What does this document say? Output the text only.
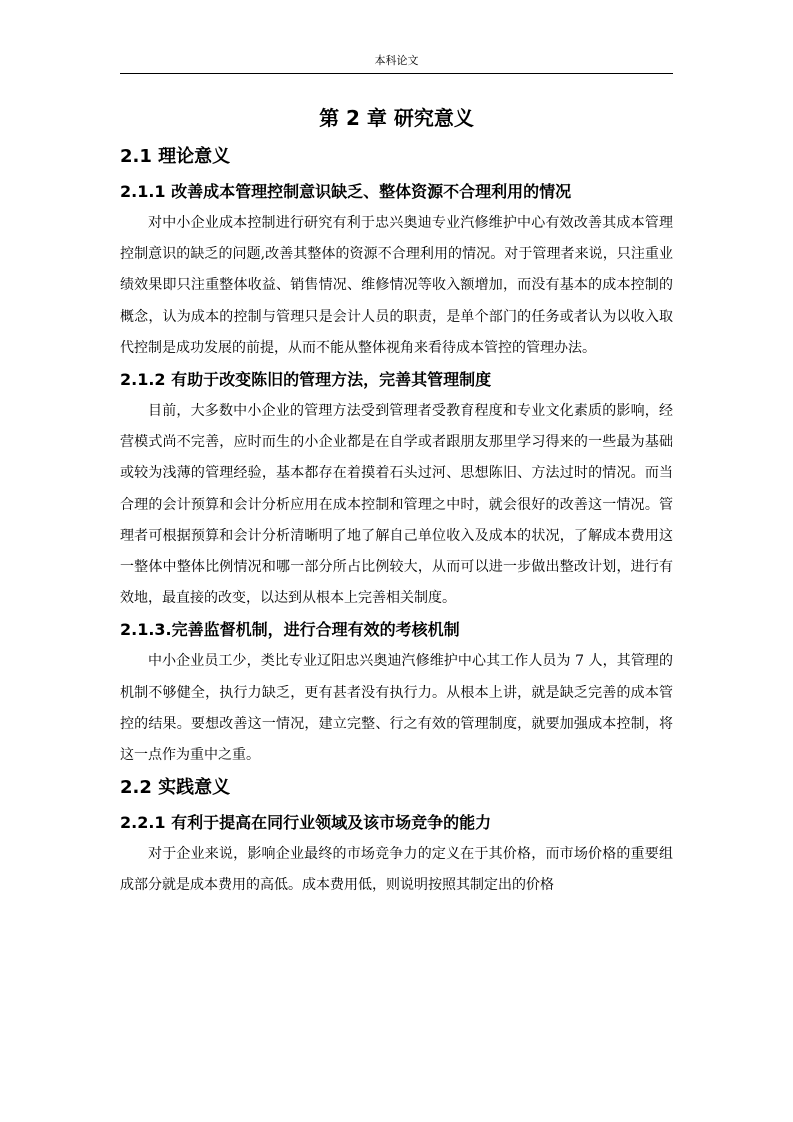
本科论文
第 2 章 研究意义
2.1 理论意义
2.1.1 改善成本管理控制意识缺乏、整体资源不合理利用的情况

对中小企业成本控制进行研究有利于忠兴奥迪专业汽修维护中心有效改善其成本管理控制意识的缺乏的问题,改善其整体的资源不合理利用的情况。对于管理者来说，只注重业绩效果即只注重整体收益、销售情况、维修情况等收入额增加，而没有基本的成本控制的概念，认为成本的控制与管理只是会计人员的职责，是单个部门的任务或者认为以收入取代控制是成功发展的前提，从而不能从整体视角来看待成本管控的管理办法。

2.1.2 有助于改变陈旧的管理方法，完善其管理制度

目前，大多数中小企业的管理方法受到管理者受教育程度和专业文化素质的影响，经营模式尚不完善，应时而生的小企业都是在自学或者跟朋友那里学习得来的一些最为基础或较为浅薄的管理经验，基本都存在着摸着石头过河、思想陈旧、方法过时的情况。而当合理的会计预算和会计分析应用在成本控制和管理之中时，就会很好的改善这一情况。管理者可根据预算和会计分析清晰明了地了解自己单位收入及成本的状况，了解成本费用这一整体中整体比例情况和哪一部分所占比例较大，从而可以进一步做出整改计划，进行有效地，最直接的改变，以达到从根本上完善相关制度。

2.1.3.完善监督机制，进行合理有效的考核机制

中小企业员工少，类比专业辽阳忠兴奥迪汽修维护中心其工作人员为 7 人，其管理的机制不够健全，执行力缺乏，更有甚者没有执行力。从根本上讲，就是缺乏完善的成本管控的结果。要想改善这一情况，建立完整、行之有效的管理制度，就要加强成本控制，将这一点作为重中之重。

2.2 实践意义
2.2.1 有利于提高在同行业领域及该市场竞争的能力

对于企业来说，影响企业最终的市场竞争力的定义在于其价格，而市场价格的重要组成部分就是成本费用的高低。成本费用低，则说明按照其制定出的价格
